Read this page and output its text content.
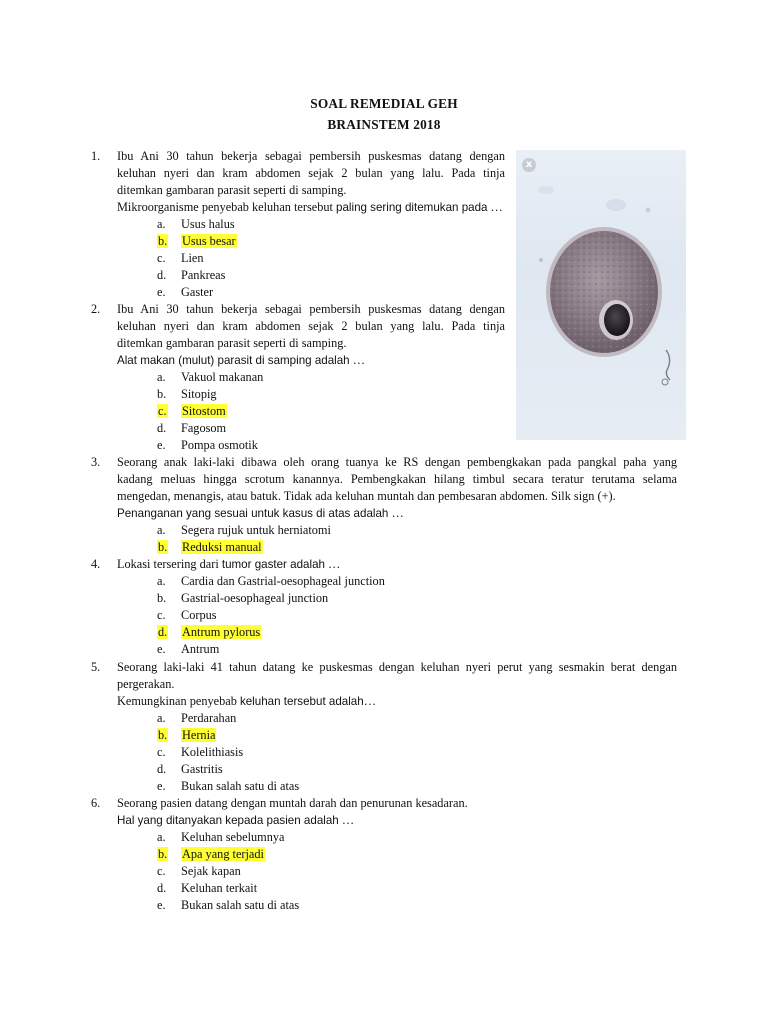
SOAL REMEDIAL GEH
BRAINSTEM 2018
x
1.	Ibu Ani 30 tahun bekerja sebagai pembersih puskesmas datang dengan
keluhan nyeri dan kram abdomen sejak 2 bulan yang lalu. Pada tinja
ditemkan gambaran parasit seperti di samping.
Mikroorganisme penyebab keluhan tersebut paling sering ditemukan pada …
a.	Usus halus
b.	Usus besar
c.	Lien
d.	Pankreas
e.	Gaster
2.	Ibu Ani 30 tahun bekerja sebagai pembersih puskesmas datang dengan
keluhan nyeri dan kram abdomen sejak 2 bulan yang lalu. Pada tinja
ditemkan gambaran parasit seperti di samping.
Alat makan (mulut) parasit di samping adalah …
a.	Vakuol makanan
b.	Sitopig
c.	Sitostom
d.	Fagosom
e.	Pompa osmotik
3.	Seorang anak laki-laki dibawa oleh orang tuanya ke RS dengan pembengkakan pada pangkal paha yang
kadang meluas hingga scrotum kanannya. Pembengkakan hilang timbul secara teratur terutama selama
mengedan, menangis, atau batuk. Tidak ada keluhan muntah dan pembesaran abdomen. Silk sign (+).
Penanganan yang sesuai untuk kasus di atas adalah …
a.	Segera rujuk untuk herniatomi
b.	Reduksi manual
4.	Lokasi tersering dari tumor gaster adalah …
a.	Cardia dan Gastrial-oesophageal junction
b.	Gastrial-oesophageal junction
c.	Corpus
d.	Antrum pylorus
e.	Antrum
5.	Seorang laki-laki 41 tahun datang ke puskesmas dengan keluhan nyeri perut yang sesmakin berat dengan
pergerakan.
Kemungkinan penyebab keluhan tersebut adalah…
a.	Perdarahan
b.	Hernia
c.	Kolelithiasis
d.	Gastritis
e.	Bukan salah satu di atas
6.	Seorang pasien datang dengan muntah darah dan penurunan kesadaran.
Hal yang ditanyakan kepada pasien adalah …
a.	Keluhan sebelumnya
b.	Apa yang terjadi
c.	Sejak kapan
d.	Keluhan terkait
e.	Bukan salah satu di atas
